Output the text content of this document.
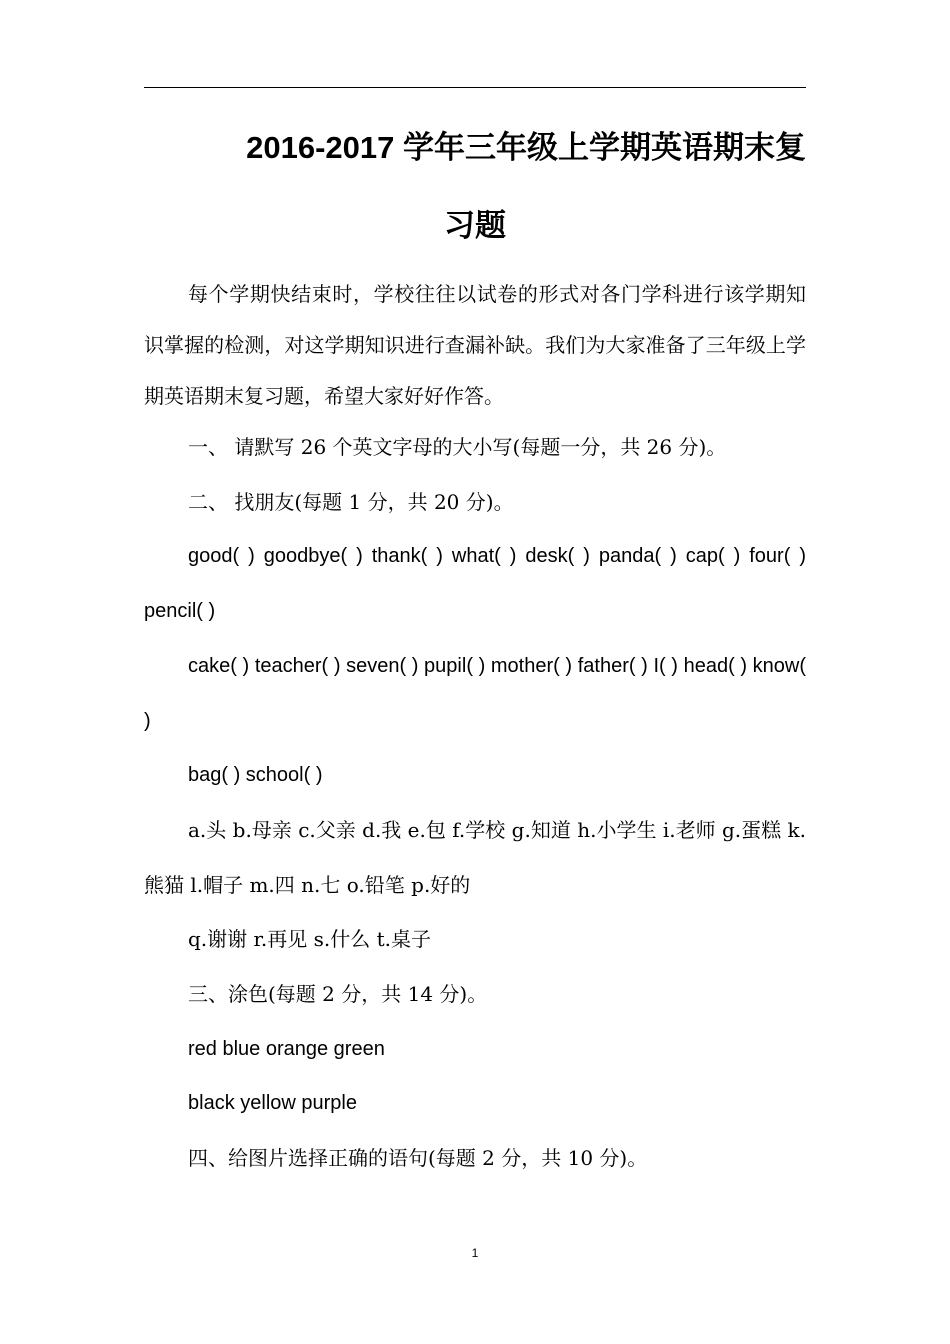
2016-2017 学年三年级上学期英语期末复
习题

每个学期快结束时，学校往往以试卷的形式对各门学科进行该学期知识掌握的检测，对这学期知识进行查漏补缺。我们为大家准备了三年级上学期英语期末复习题，希望大家好好作答。

一、 请默写 26 个英文字母的大小写(每题一分，共 26 分)。

二、 找朋友(每题 1 分，共 20 分)。

good( ) goodbye( ) thank( ) what( ) desk( ) panda( ) cap( ) four( ) pencil( )

cake( ) teacher( ) seven( ) pupil( ) mother( ) father( ) I( ) head( ) know( )

bag( ) school( )

a.头 b.母亲 c.父亲 d.我 e.包 f.学校 g.知道 h.小学生 i.老师 g.蛋糕 k.熊猫 l.帽子 m.四 n.七 o.铅笔 p.好的

q.谢谢 r.再见 s.什么 t.桌子

三、涂色(每题 2 分，共 14 分)。

red blue orange green

black yellow purple

四、给图片选择正确的语句(每题 2 分，共 10 分)。

1
